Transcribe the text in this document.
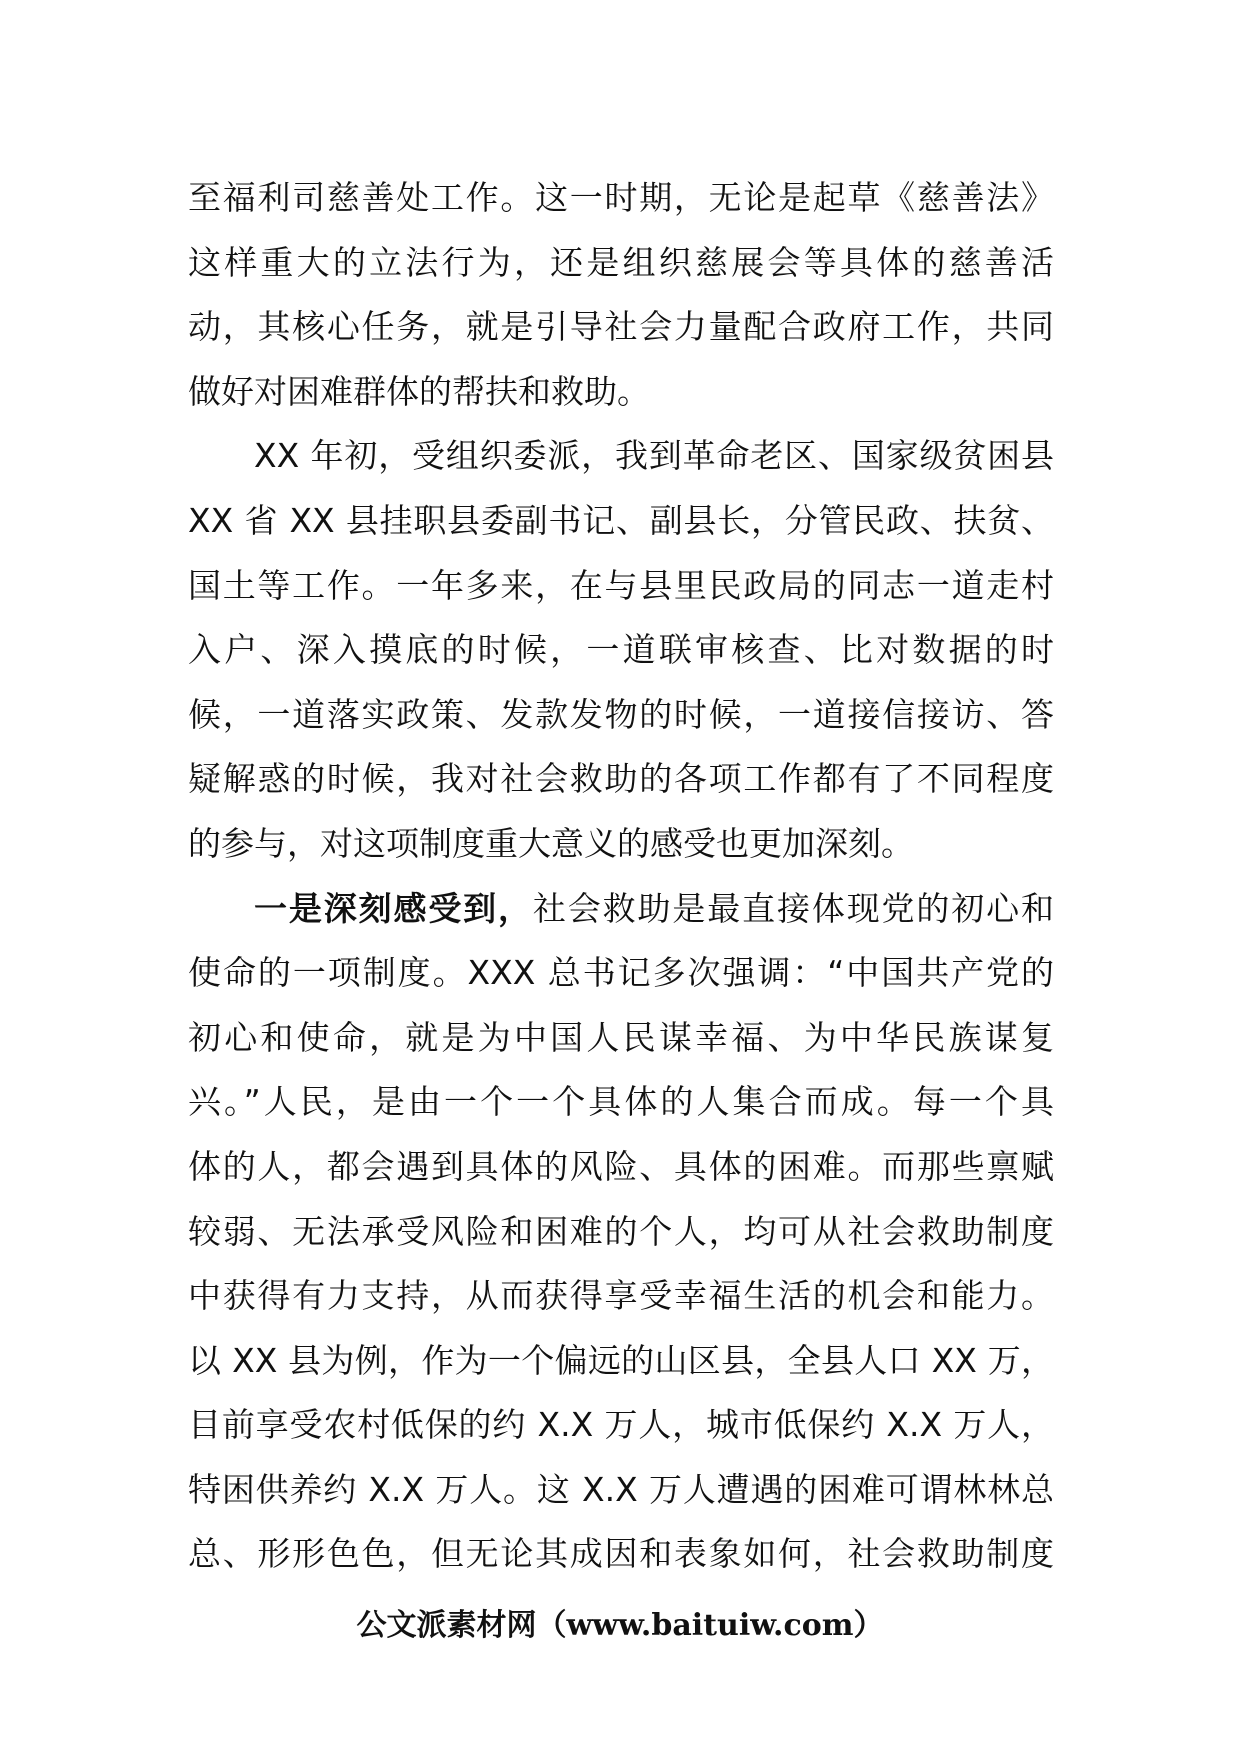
至福利司慈善处工作。这一时期，无论是起草《慈善法》
这样重大的立法行为，还是组织慈展会等具体的慈善活
动，其核心任务，就是引导社会力量配合政府工作，共同
做好对困难群体的帮扶和救助。
XX 年初，受组织委派，我到革命老区、国家级贫困县
XX 省 XX 县挂职县委副书记、副县长，分管民政、扶贫、
国土等工作。一年多来，在与县里民政局的同志一道走村
入户、深入摸底的时候，一道联审核查、比对数据的时
候，一道落实政策、发款发物的时候，一道接信接访、答
疑解惑的时候，我对社会救助的各项工作都有了不同程度
的参与，对这项制度重大意义的感受也更加深刻。
一是深刻感受到，社会救助是最直接体现党的初心和
使命的一项制度。XXX 总书记多次强调：“中国共产党的
初心和使命，就是为中国人民谋幸福、为中华民族谋复
兴。”人民，是由一个一个具体的人集合而成。每一个具
体的人，都会遇到具体的风险、具体的困难。而那些禀赋
较弱、无法承受风险和困难的个人，均可从社会救助制度
中获得有力支持，从而获得享受幸福生活的机会和能力。
以 XX 县为例，作为一个偏远的山区县，全县人口 XX 万，
目前享受农村低保的约 X.X 万人，城市低保约 X.X 万人，
特困供养约 X.X 万人。这 X.X 万人遭遇的困难可谓林林总
总、形形色色，但无论其成因和表象如何，社会救助制度
公文派素材网（www.baituiw.com）
